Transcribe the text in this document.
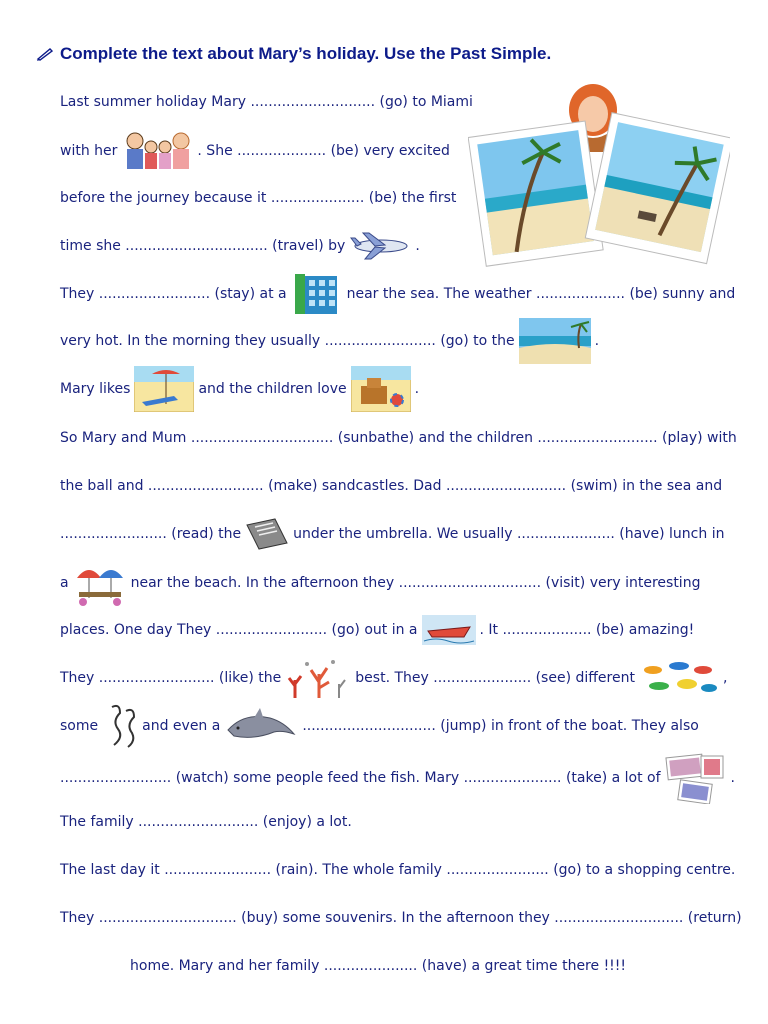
Complete the text about Mary’s holiday. Use the Past Simple.
Last summer holiday Mary ............................ (go) to Miami
with her	. She .................... (be) very excited
before the journey because it ..................... (be) the first
time she ................................ (travel) by	.
They ......................... (stay) at a	near the sea. The weather .................... (be) sunny and
very hot. In the morning they usually ......................... (go) to the	.
Mary likes	and the children love	.
So Mary and Mum ................................ (sunbathe) and the children ........................... (play) with
the ball and .......................... (make) sandcastles. Dad ........................... (swim) in the sea and
........................ (read) the	under the umbrella. We usually ...................... (have) lunch in
a	near the beach. In the afternoon they ................................ (visit) very interesting
places. One day They ......................... (go) out in a	. It .................... (be) amazing!
They .......................... (like) the	best. They ...................... (see) different	,
some	and even a	.............................. (jump) in front of the boat. They also
......................... (watch) some people feed the fish. Mary ...................... (take) a lot of	.
The family ........................... (enjoy) a lot.
The last day it ........................ (rain). The whole family ....................... (go) to a shopping centre.
They ............................... (buy) some souvenirs. In the afternoon they ............................. (return)
home. Mary and her family ..................... (have) a great time there !!!!
